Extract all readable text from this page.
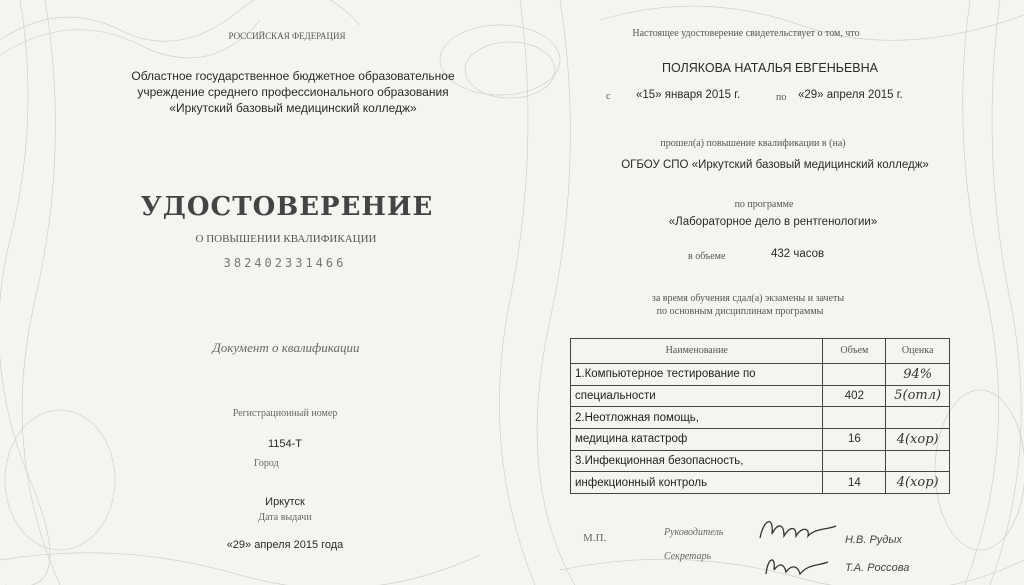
РОССИЙСКАЯ ФЕДЕРАЦИЯ
Областное государственное бюджетное образовательное
учреждение среднего профессионального образования
«Иркутский базовый медицинский колледж»
УДОСТОВЕРЕНИЕ
О ПОВЫШЕНИИ КВАЛИФИКАЦИИ
382402331466
Документ о квалификации
Регистрационный номер
1154-Т
Город
Иркутск
Дата выдачи
«29» апреля 2015 года
Настоящее удостоверение свидетельствует о том, что
ПОЛЯКОВА НАТАЛЬЯ ЕВГЕНЬЕВНА
с «15» января 2015 г.	по «29» апреля 2015 г.
прошел(а) повышение квалификации в (на)
ОГБОУ СПО «Иркутский базовый медицинский колледж»
по программе
«Лабораторное дело в рентгенологии»
в объеме	432 часов
за время обучения сдал(а) экзамены и зачеты
по основным дисциплинам программы
Наименование	Объем	Оценка
1.Компьютерное тестирование по		94%
специальности	402	5(отл)
2.Неотложная помощь,		
медицина катастроф	16	4(хор)
3.Инфекционная безопасность,		
инфекционный контроль	14	4(хор)
М.П.	Руководитель
Н.В. Рудых
Секретарь
Т.А. Россова
